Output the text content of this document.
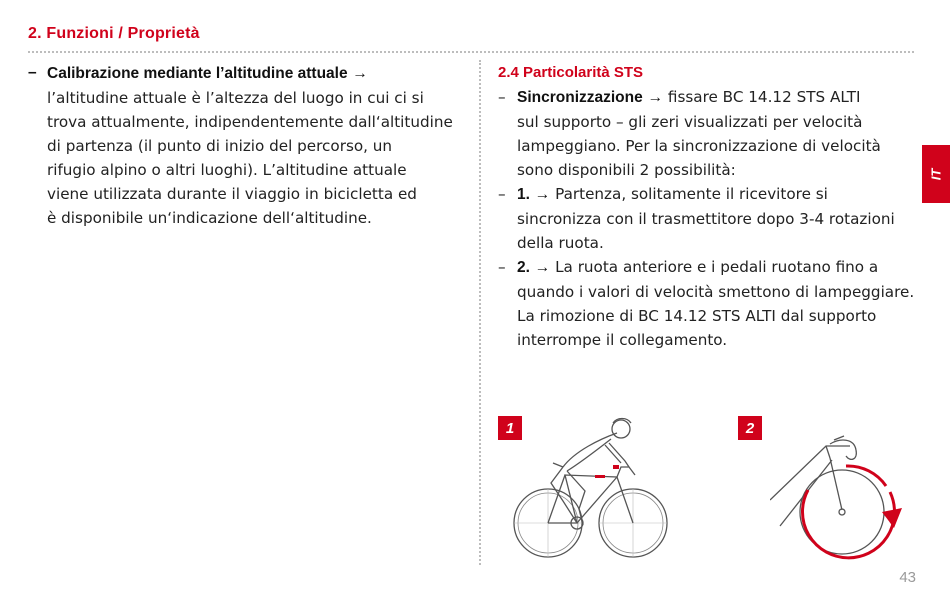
2. Funzioni / Proprietà
– Calibrazione mediante l’altitudine attuale →
l’altitudine attuale è l’altezza del luogo in cui ci si
trova attualmente, indipendentemente dall‘altitudine
di partenza (il punto di inizio del percorso, un
rifugio alpino o altri luoghi). L’altitudine attuale
viene utilizzata durante il viaggio in bicicletta ed
è disponibile un‘indicazione dell‘altitudine.
2.4 Particolarità STS
– Sincronizzazione → fissare BC 14.12 STS ALTI
sul supporto – gli zeri visualizzati per velocità
lampeggiano. Per la sincronizzazione di velocità
sono disponibili 2 possibilità:
– 1. → Partenza, solitamente il ricevitore si
sincronizza con il trasmettitore dopo 3-4 rotazioni
della ruota.
– 2. → La ruota anteriore e i pedali ruotano fino a
quando i valori di velocità smettono di lampeggiare.
La rimozione di BC 14.12 STS ALTI dal supporto
interrompe il collegamento.
IT
1	2
43
